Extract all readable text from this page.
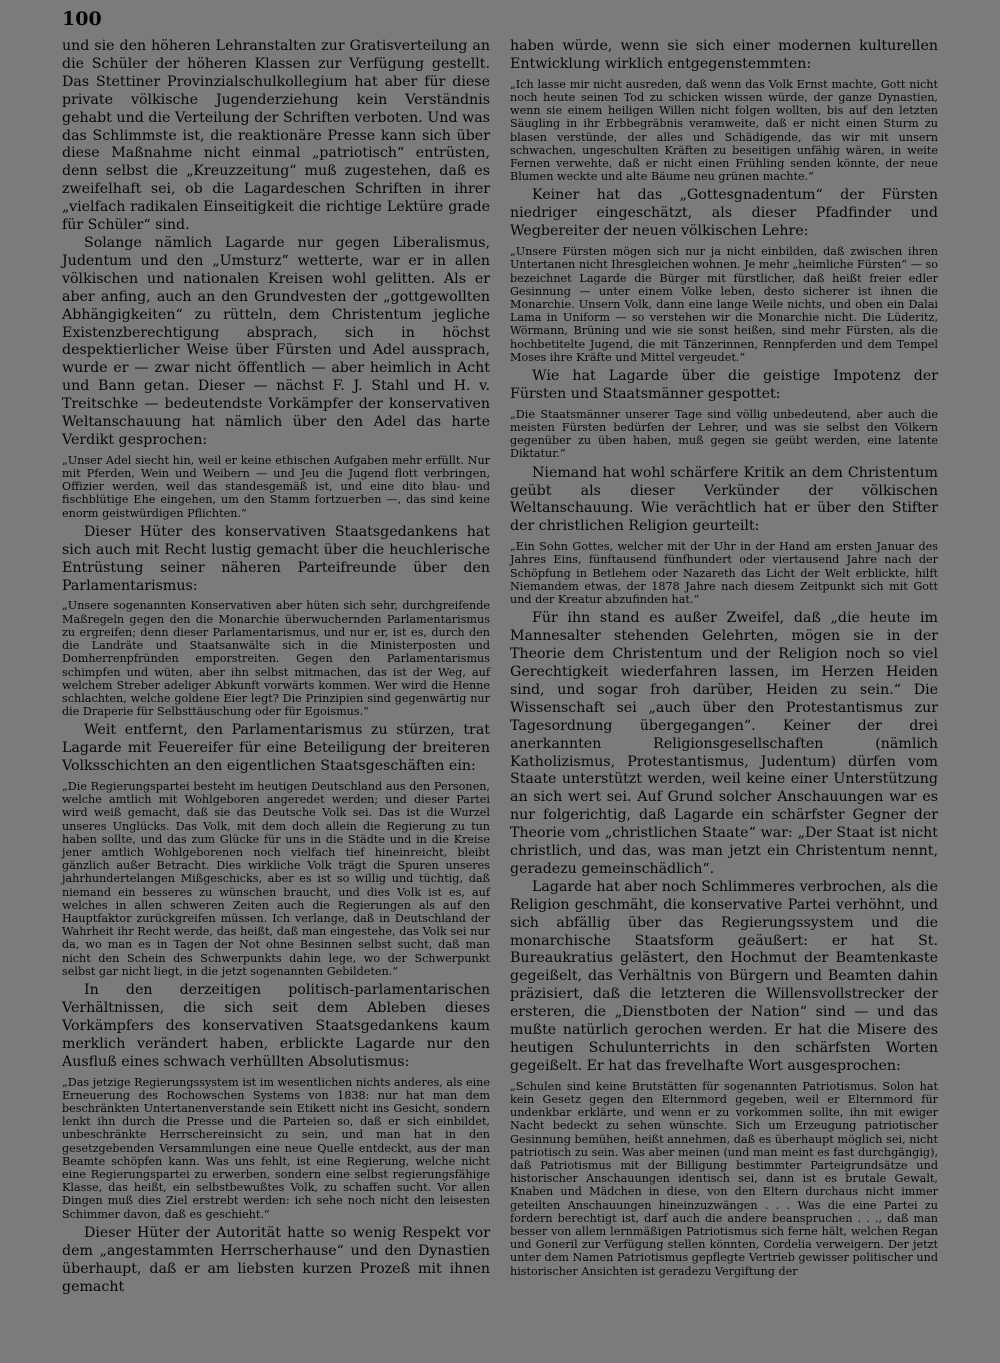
100

und sie den höheren Lehranstalten zur Gratisverteilung an die Schüler der höheren Klassen zur Verfügung gestellt. Das Stettiner Provinzialschulkollegium hat aber für diese private völkische Jugenderziehung kein Verständnis gehabt und die Verteilung der Schriften verboten. Und was das Schlimmste ist, die reaktionäre Presse kann sich über diese Maßnahme nicht einmal „patriotisch“ entrüsten, denn selbst die „Kreuzzeitung“ muß zugestehen, daß es zweifelhaft sei, ob die Lagardeschen Schriften in ihrer „vielfach radikalen Einseitigkeit die richtige Lektüre grade für Schüler“ sind.

Solange nämlich Lagarde nur gegen Liberalismus, Judentum und den „Umsturz“ wetterte, war er in allen völkischen und nationalen Kreisen wohl gelitten. Als er aber anfing, auch an den Grundvesten der „gottgewollten Abhängigkeiten“ zu rütteln, dem Christentum jegliche Existenzberechtigung absprach, sich in höchst despektierlicher Weise über Fürsten und Adel aussprach, wurde er — zwar nicht öffentlich — aber heimlich in Acht und Bann getan. Dieser — nächst F. J. Stahl und H. v. Treitschke — bedeutendste Vorkämpfer der konservativen Weltanschauung hat nämlich über den Adel das harte Verdikt gesprochen:

„Unser Adel siecht hin, weil er keine ethischen Aufgaben mehr erfüllt. Nur mit Pferden, Wein und Weibern — und Jeu die Jugend flott verbringen, Offizier werden, weil das standesgemäß ist, und eine dito blau- und fischblütige Ehe eingehen, um den Stamm fortzuerben —, das sind keine enorm geistwürdigen Pflichten.“

Dieser Hüter des konservativen Staatsgedankens hat sich auch mit Recht lustig gemacht über die heuchlerische Entrüstung seiner näheren Parteifreunde über den Parlamentarismus:

„Unsere sogenannten Konservativen aber hüten sich sehr, durchgreifende Maßregeln gegen den die Monarchie überwuchernden Parlamentarismus zu ergreifen; denn dieser Parlamentarismus, und nur er, ist es, durch den die Landräte und Staatsanwälte sich in die Ministerposten und Domherrenpfründen emporstreiten. Gegen den Parlamentarismus schimpfen und wüten, aber ihn selbst mitmachen, das ist der Weg, auf welchem Streber adeliger Abkunft vorwärts kommen. Wer wird die Henne schlachten, welche goldene Eier legt? Die Prinzipien sind gegenwärtig nur die Draperie für Selbsttäuschung oder für Egoismus.“

Weit entfernt, den Parlamentarismus zu stürzen, trat Lagarde mit Feuereifer für eine Beteiligung der breiteren Volksschichten an den eigentlichen Staatsgeschäften ein:

„Die Regierungspartei besteht im heutigen Deutschland aus den Personen, welche amtlich mit Wohlgeboren angeredet werden; und dieser Partei wird weiß gemacht, daß sie das Deutsche Volk sei. Das ist die Wurzel unseres Unglücks. Das Volk, mit dem doch allein die Regierung zu tun haben sollte, und das zum Glücke für uns in die Städte und in die Kreise jener amtlich Wohlgeborenen noch vielfach tief hineinreicht, bleibt gänzlich außer Betracht. Dies wirkliche Volk trägt die Spuren unseres jahrhundertelangen Mißgeschicks, aber es ist so willig und tüchtig, daß niemand ein besseres zu wünschen braucht, und dies Volk ist es, auf welches in allen schweren Zeiten auch die Regierungen als auf den Hauptfaktor zurückgreifen müssen. Ich verlange, daß in Deutschland der Wahrheit ihr Recht werde, das heißt, daß man eingestehe, das Volk sei nur da, wo man es in Tagen der Not ohne Besinnen selbst sucht, daß man nicht den Schein des Schwerpunkts dahin lege, wo der Schwerpunkt selbst gar nicht liegt, in die jetzt sogenannten Gebildeten.“

In den derzeitigen politisch-parlamentarischen Verhältnissen, die sich seit dem Ableben dieses Vorkämpfers des konservativen Staatsgedankens kaum merklich verändert haben, erblickte Lagarde nur den Ausfluß eines schwach verhüllten Absolutismus:

„Das jetzige Regierungssystem ist im wesentlichen nichts anderes, als eine Erneuerung des Rochowschen Systems von 1838: nur hat man dem beschränkten Untertanenverstande sein Etikett nicht ins Gesicht, sondern lenkt ihn durch die Presse und die Parteien so, daß er sich einbildet, unbeschränkte Herrschereinsicht zu sein, und man hat in den gesetzgebenden Versammlungen eine neue Quelle entdeckt, aus der man Beamte schöpfen kann. Was uns fehlt, ist eine Regierung, welche nicht eine Regierungspartei zu erwerben, sondern eine selbst regierungsfähige Klasse, das heißt, ein selbstbewußtes Volk, zu schaffen sucht. Vor allen Dingen muß dies Ziel erstrebt werden: ich sehe noch nicht den leisesten Schimmer davon, daß es geschieht.“

Dieser Hüter der Autorität hatte so wenig Respekt vor dem „angestammten Herrscherhause“ und den Dynastien überhaupt, daß er am liebsten kurzen Prozeß mit ihnen gemacht

haben würde, wenn sie sich einer modernen kulturellen Entwicklung wirklich entgegenstemmten:

„Ich lasse mir nicht ausreden, daß wenn das Volk Ernst machte, Gott nicht noch heute seinen Tod zu schicken wissen würde, der ganze Dynastien, wenn sie einem heiligen Willen nicht folgen wollten, bis auf den letzten Säugling in ihr Erbbegräbnis veramweite, daß er nicht einen Sturm zu blasen verstünde, der alles und Schädigende, das wir mit unsern schwachen, ungeschulten Kräften zu beseitigen unfähig wären, in weite Fernen verwehte, daß er nicht einen Frühling senden könnte, der neue Blumen weckte und alte Bäume neu grünen machte.“

Keiner hat das „Gottesgnadentum“ der Fürsten niedriger eingeschätzt, als dieser Pfadfinder und Wegbereiter der neuen völkischen Lehre:

„Unsere Fürsten mögen sich nur ja nicht einbilden, daß zwischen ihren Untertanen nicht Ihresgleichen wohnen. Je mehr „heimliche Fürsten“ — so bezeichnet Lagarde die Bürger mit fürstlicher, daß heißt freier edler Gesinnung — unter einem Volke leben, desto sicherer ist ihnen die Monarchie. Unsern Volk, dann eine lange Weile nichts, und oben ein Dalai Lama in Uniform — so verstehen wir die Monarchie nicht. Die Lüderitz, Wörmann, Brüning und wie sie sonst heißen, sind mehr Fürsten, als die hochbetitelte Jugend, die mit Tänzerinnen, Rennpferden und dem Tempel Moses ihre Kräfte und Mittel vergeudet.“

Wie hat Lagarde über die geistige Impotenz der Fürsten und Staatsmänner gespottet:

„Die Staatsmänner unserer Tage sind völlig unbedeutend, aber auch die meisten Fürsten bedürfen der Lehrer, und was sie selbst den Völkern gegenüber zu üben haben, muß gegen sie geübt werden, eine latente Diktatur.“

Niemand hat wohl schärfere Kritik an dem Christentum geübt als dieser Verkünder der völkischen Weltanschauung. Wie verächtlich hat er über den Stifter der christlichen Religion geurteilt:

„Ein Sohn Gottes, welcher mit der Uhr in der Hand am ersten Januar des Jahres Eins, fünftausend fünfhundert oder viertausend Jahre nach der Schöpfung in Betlehem oder Nazareth das Licht der Welt erblickte, hilft Niemandem etwas, der 1878 Jahre nach diesem Zeitpunkt sich mit Gott und der Kreatur abzufinden hat.“

Für ihn stand es außer Zweifel, daß „die heute im Mannesalter stehenden Gelehrten, mögen sie in der Theorie dem Christentum und der Religion noch so viel Gerechtigkeit wiederfahren lassen, im Herzen Heiden sind, und sogar froh darüber, Heiden zu sein.“ Die Wissenschaft sei „auch über den Protestantismus zur Tagesordnung übergegangen“. Keiner der drei anerkannten Religionsgesellschaften (nämlich Katholizismus, Protestantismus, Judentum) dürfen vom Staate unterstützt werden, weil keine einer Unterstützung an sich wert sei. Auf Grund solcher Anschauungen war es nur folgerichtig, daß Lagarde ein schärfster Gegner der Theorie vom „christlichen Staate“ war: „Der Staat ist nicht christlich, und das, was man jetzt ein Christentum nennt, geradezu gemeinschädlich“.

Lagarde hat aber noch Schlimmeres verbrochen, als die Religion geschmäht, die konservative Partei verhöhnt, und sich abfällig über das Regierungssystem und die monarchische Staatsform geäußert: er hat St. Bureaukratius gelästert, den Hochmut der Beamtenkaste gegeißelt, das Verhältnis von Bürgern und Beamten dahin präzisiert, daß die letzteren die Willensvollstrecker der ersteren, die „Dienstboten der Nation“ sind — und das mußte natürlich gerochen werden. Er hat die Misere des heutigen Schulunterrichts in den schärfsten Worten gegeißelt. Er hat das frevelhafte Wort ausgesprochen:

„Schulen sind keine Brutstätten für sogenannten Patriotismus. Solon hat kein Gesetz gegen den Elternmord gegeben, weil er Elternmord für undenkbar erklärte, und wenn er zu vorkommen sollte, ihn mit ewiger Nacht bedeckt zu sehen wünschte. Sich um Erzeugung patriotischer Gesinnung bemühen, heißt annehmen, daß es überhaupt möglich sei, nicht patriotisch zu sein. Was aber meinen (und man meint es fast durchgängig), daß Patriotismus mit der Billigung bestimmter Parteigrundsätze und historischer Anschauungen identisch sei, dann ist es brutale Gewalt, Knaben und Mädchen in diese, von den Eltern durchaus nicht immer geteilten Anschauungen hineinzuzwängen . . . Was die eine Partei zu fordern berechtigt ist, darf auch die andere beanspruchen . . ., daß man besser von allem lernmäßigen Patriotismus sich ferne hält, welchen Regan und Goneril zur Verfügung stellen könnten, Cordelia verweigern. Der jetzt unter dem Namen Patriotismus gepflegte Vertrieb gewisser politischer und historischer Ansichten ist geradezu Vergiftung der
